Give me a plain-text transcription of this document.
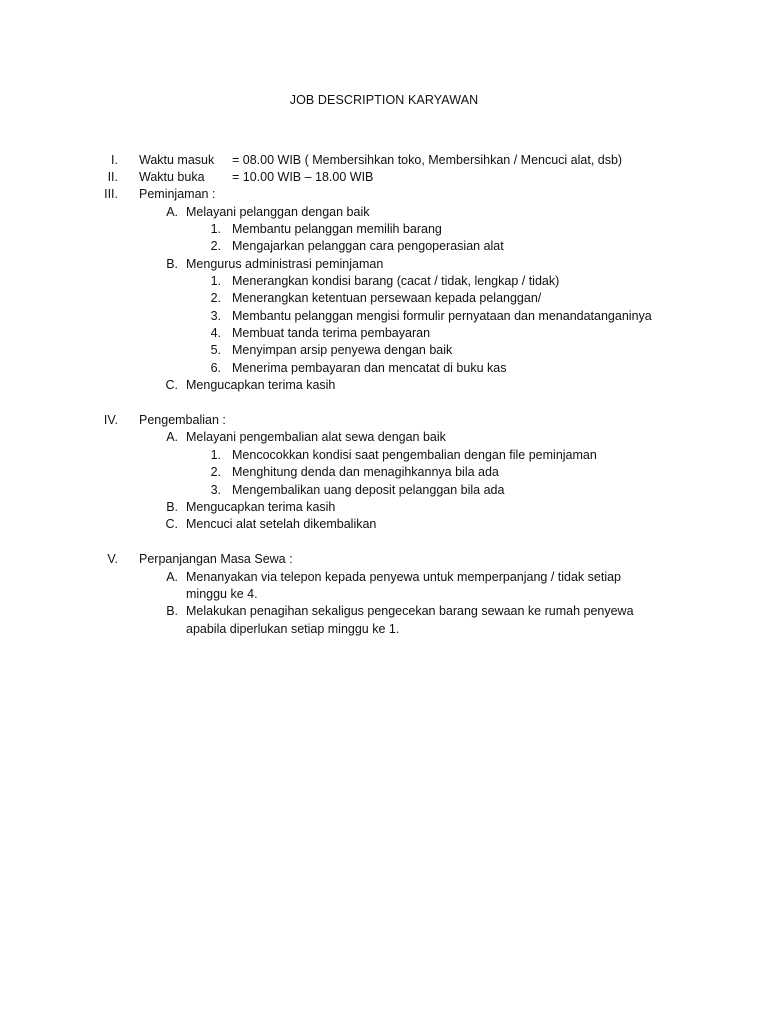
JOB DESCRIPTION KARYAWAN
I. Waktu masuk = 08.00 WIB ( Membersihkan toko, Membersihkan / Mencuci alat, dsb)
II. Waktu buka = 10.00 WIB – 18.00 WIB
III. Peminjaman :
A. Melayani pelanggan dengan baik
1. Membantu pelanggan memilih barang
2. Mengajarkan pelanggan cara pengoperasian alat
B. Mengurus administrasi peminjaman
1. Menerangkan kondisi barang (cacat / tidak, lengkap / tidak)
2. Menerangkan ketentuan persewaan kepada pelanggan/
3. Membantu pelanggan mengisi formulir pernyataan dan menandatanganinya
4. Membuat tanda terima pembayaran
5. Menyimpan arsip penyewa dengan baik
6. Menerima pembayaran dan mencatat di buku kas
C. Mengucapkan terima kasih
IV. Pengembalian :
A. Melayani pengembalian alat sewa dengan baik
1. Mencocokkan kondisi saat pengembalian dengan file peminjaman
2. Menghitung denda dan menagihkannya bila ada
3. Mengembalikan uang deposit pelanggan bila ada
B. Mengucapkan terima kasih
C. Mencuci alat setelah dikembalikan
V. Perpanjangan Masa Sewa :
A. Menanyakan via telepon kepada penyewa untuk memperpanjang / tidak setiap
minggu ke 4.
B. Melakukan penagihan sekaligus pengecekan barang sewaan ke rumah penyewa
apabila diperlukan setiap minggu ke 1.
